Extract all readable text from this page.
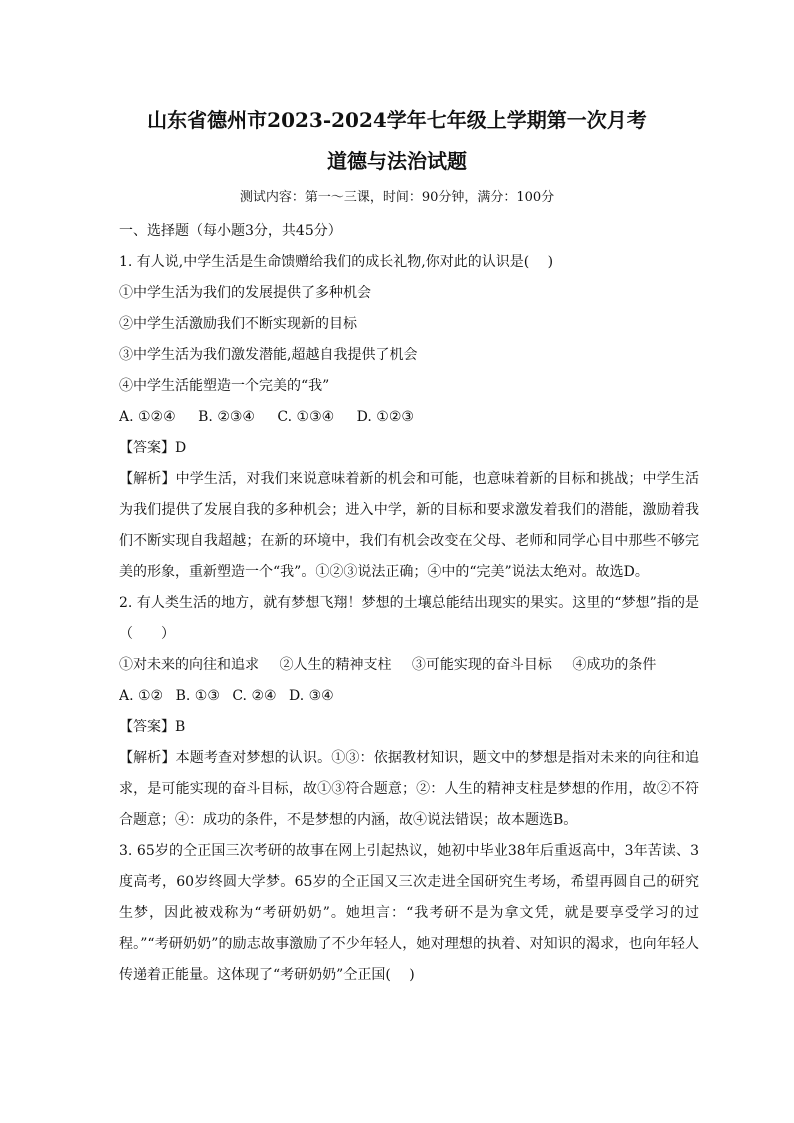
山东省德州市2023-2024学年七年级上学期第一次月考
道德与法治试题
测试内容：第一～三课，时间：90分钟，满分：100分
一、选择题（每小题3分，共45分）
1. 有人说,中学生活是生命馈赠给我们的成长礼物,你对此的认识是(　 )
①中学生活为我们的发展提供了多种机会
②中学生活激励我们不断实现新的目标
③中学生活为我们激发潜能,超越自我提供了机会
④中学生活能塑造一个完美的“我”
A. ①②④ B. ②③④ C. ①③④ D. ①②③
【答案】D
【解析】中学生活，对我们来说意味着新的机会和可能，也意味着新的目标和挑战；中学生活为我们提供了发展自我的多种机会；进入中学，新的目标和要求激发着我们的潜能，激励着我们不断实现自我超越；在新的环境中，我们有机会改变在父母、老师和同学心目中那些不够完美的形象，重新塑造一个“我”。①②③说法正确；④中的“完美”说法太绝对。故选D。
2. 有人类生活的地方，就有梦想飞翔！梦想的土壤总能结出现实的果实。这里的“梦想”指的是（　　）
①对未来的向往和追求 ②人生的精神支柱 ③可能实现的奋斗目标 ④成功的条件
A. ①② B. ①③ C. ②④ D. ③④
【答案】B
【解析】本题考查对梦想的认识。①③：依据教材知识，题文中的梦想是指对未来的向往和追求，是可能实现的奋斗目标，故①③符合题意；②：人生的精神支柱是梦想的作用，故②不符合题意；④：成功的条件，不是梦想的内涵，故④说法错误；故本题选B。
3. 65岁的仝正国三次考研的故事在网上引起热议，她初中毕业38年后重返高中，3年苦读、3度高考，60岁终圆大学梦。65岁的仝正国又三次走进全国研究生考场，希望再圆自己的研究生梦，因此被戏称为“考研奶奶”。她坦言：“我考研不是为拿文凭，就是要享受学习的过程。”“考研奶奶”的励志故事激励了不少年轻人，她对理想的执着、对知识的渴求，也向年轻人传递着正能量。这体现了“考研奶奶”仝正国(　 )
